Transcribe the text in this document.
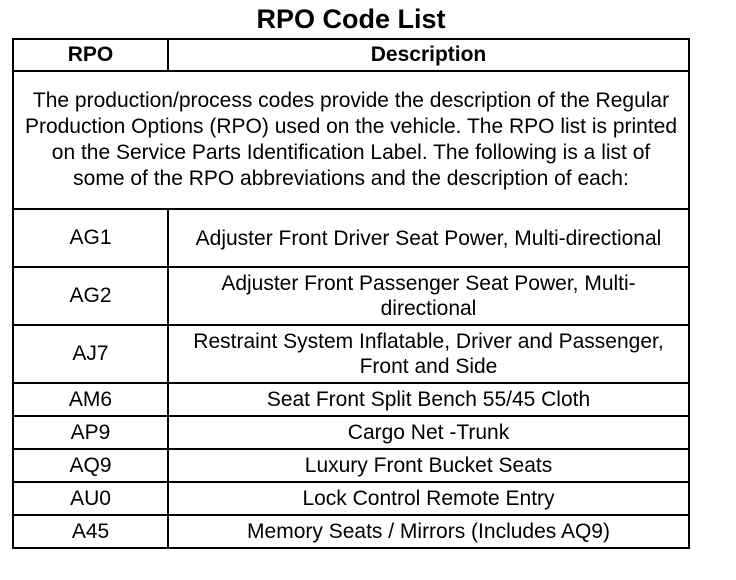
RPO Code List
RPO	Description
The production/process codes provide the description of the Regular Production Options (RPO) used on the vehicle. The RPO list is printed on the Service Parts Identification Label. The following is a list of some of the RPO abbreviations and the description of each:	
AG1	Adjuster Front Driver Seat Power, Multi-directional
AG2	Adjuster Front Passenger Seat Power, Multi-directional
AJ7	Restraint System Inflatable, Driver and Passenger, Front and Side
AM6	Seat Front Split Bench 55/45 Cloth
AP9	Cargo Net -Trunk
AQ9	Luxury Front Bucket Seats
AU0	Lock Control Remote Entry
A45	Memory Seats / Mirrors (Includes AQ9)
